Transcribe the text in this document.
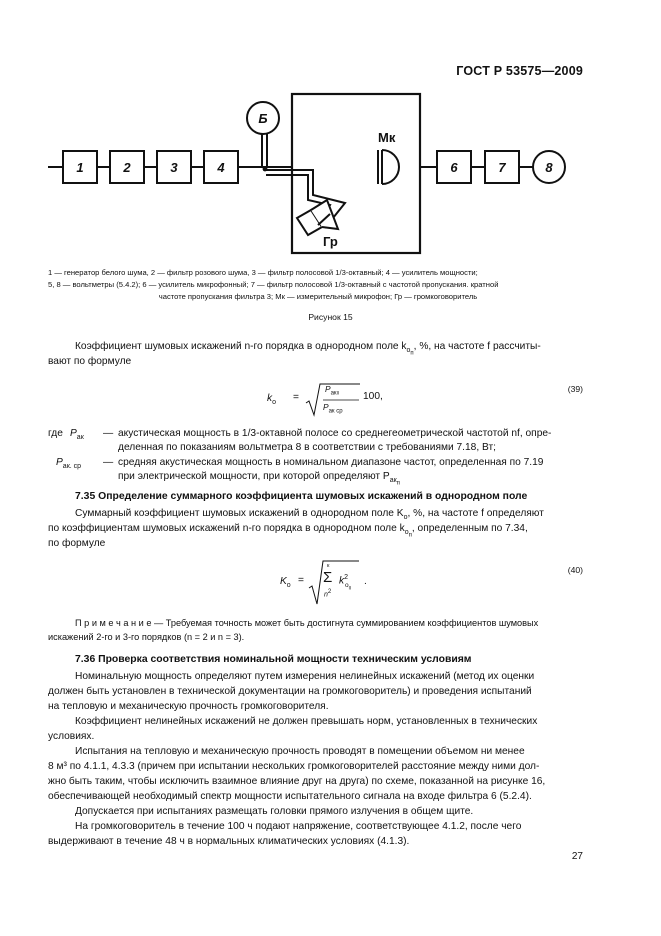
ГОСТ Р 53575—2009
1	2	3	4	6	7
Б
8
Мк
Гр
1 — генератор белого шума, 2 — фильтр розового шума, 3 — фильтр полосовой 1/3-октавный; 4 — усилитель мощности;
5, 8 — вольтметры (5.4.2); 6 — усилитель микрофонный; 7 — фильтр полосовой 1/3-октавный с частотой пропускания. кратной
частоте пропускания фильтра 3; Мк — измерительный микрофон; Гр — громкоговоритель
Рисунок 15
Коэффициент шумовых искажений n-го порядка в однородном поле $k_{о_п}$, %, на частоте f рассчиты-
вают по формуле
$k_о$ =
$P_{акп}$
$P_{ак ср}$
100,
(39)
где $P_{ак}$ — акустическая мощность в 1/3-октавной полосе со среднегеометрической частотой nf, опре-
деленная по показаниям вольтметра 8 в соответствии с требованиями 7.18, Вт;
$P_{ак. ср}$ — средняя акустическая мощность в номинальном диапазоне частот, определенная по 7.19
при электрической мощности, при которой определяют $P_{ак_п}$
7.35 Определение суммарного коэффициента шумовых искажений в однородном поле
Суммарный коэффициент шумовых искажений в однородном поле $K_о$, %, на частоте f определяют
по коэффициентам шумовых искажений n-го порядка в однородном поле $k_{о_п}$, определенным по 7.34,
по формуле
$K_о$ =
к
Σ
$n^2$
$k^2$
$о_п$
.
(40)
П р и м е ч а н и е — Требуемая точность может быть достигнута суммированием коэффициентов шумовых
искажений 2-го и 3-го порядков (n = 2 и n = 3).
7.36 Проверка соответствия номинальной мощности техническим условиям
Номинальную мощность определяют путем измерения нелинейных искажений (метод их оценки
должен быть установлен в технической документации на громкоговоритель) и проведения испытаний
на тепловую и механическую прочность громкоговорителя.
Коэффициент нелинейных искажений не должен превышать норм, установленных в технических
условиях.
Испытания на тепловую и механическую прочность проводят в помещении объемом ни менее
8 м³ по 4.1.1, 4.3.3 (причем при испытании нескольких громкоговорителей расстояние между ними дол-
жно быть таким, чтобы исключить взаимное влияние друг на друга) по схеме, показанной на рисунке 16,
обеспечивающей необходимый спектр мощности испытательного сигнала на входе фильтра 6 (5.2.4).
Допускается при испытаниях размещать головки прямого излучения в общем щите.
На громкоговоритель в течение 100 ч подают напряжение, соответствующее 4.1.2, после чего
выдерживают в течение 48 ч в нормальных климатических условиях (4.1.3).
27
